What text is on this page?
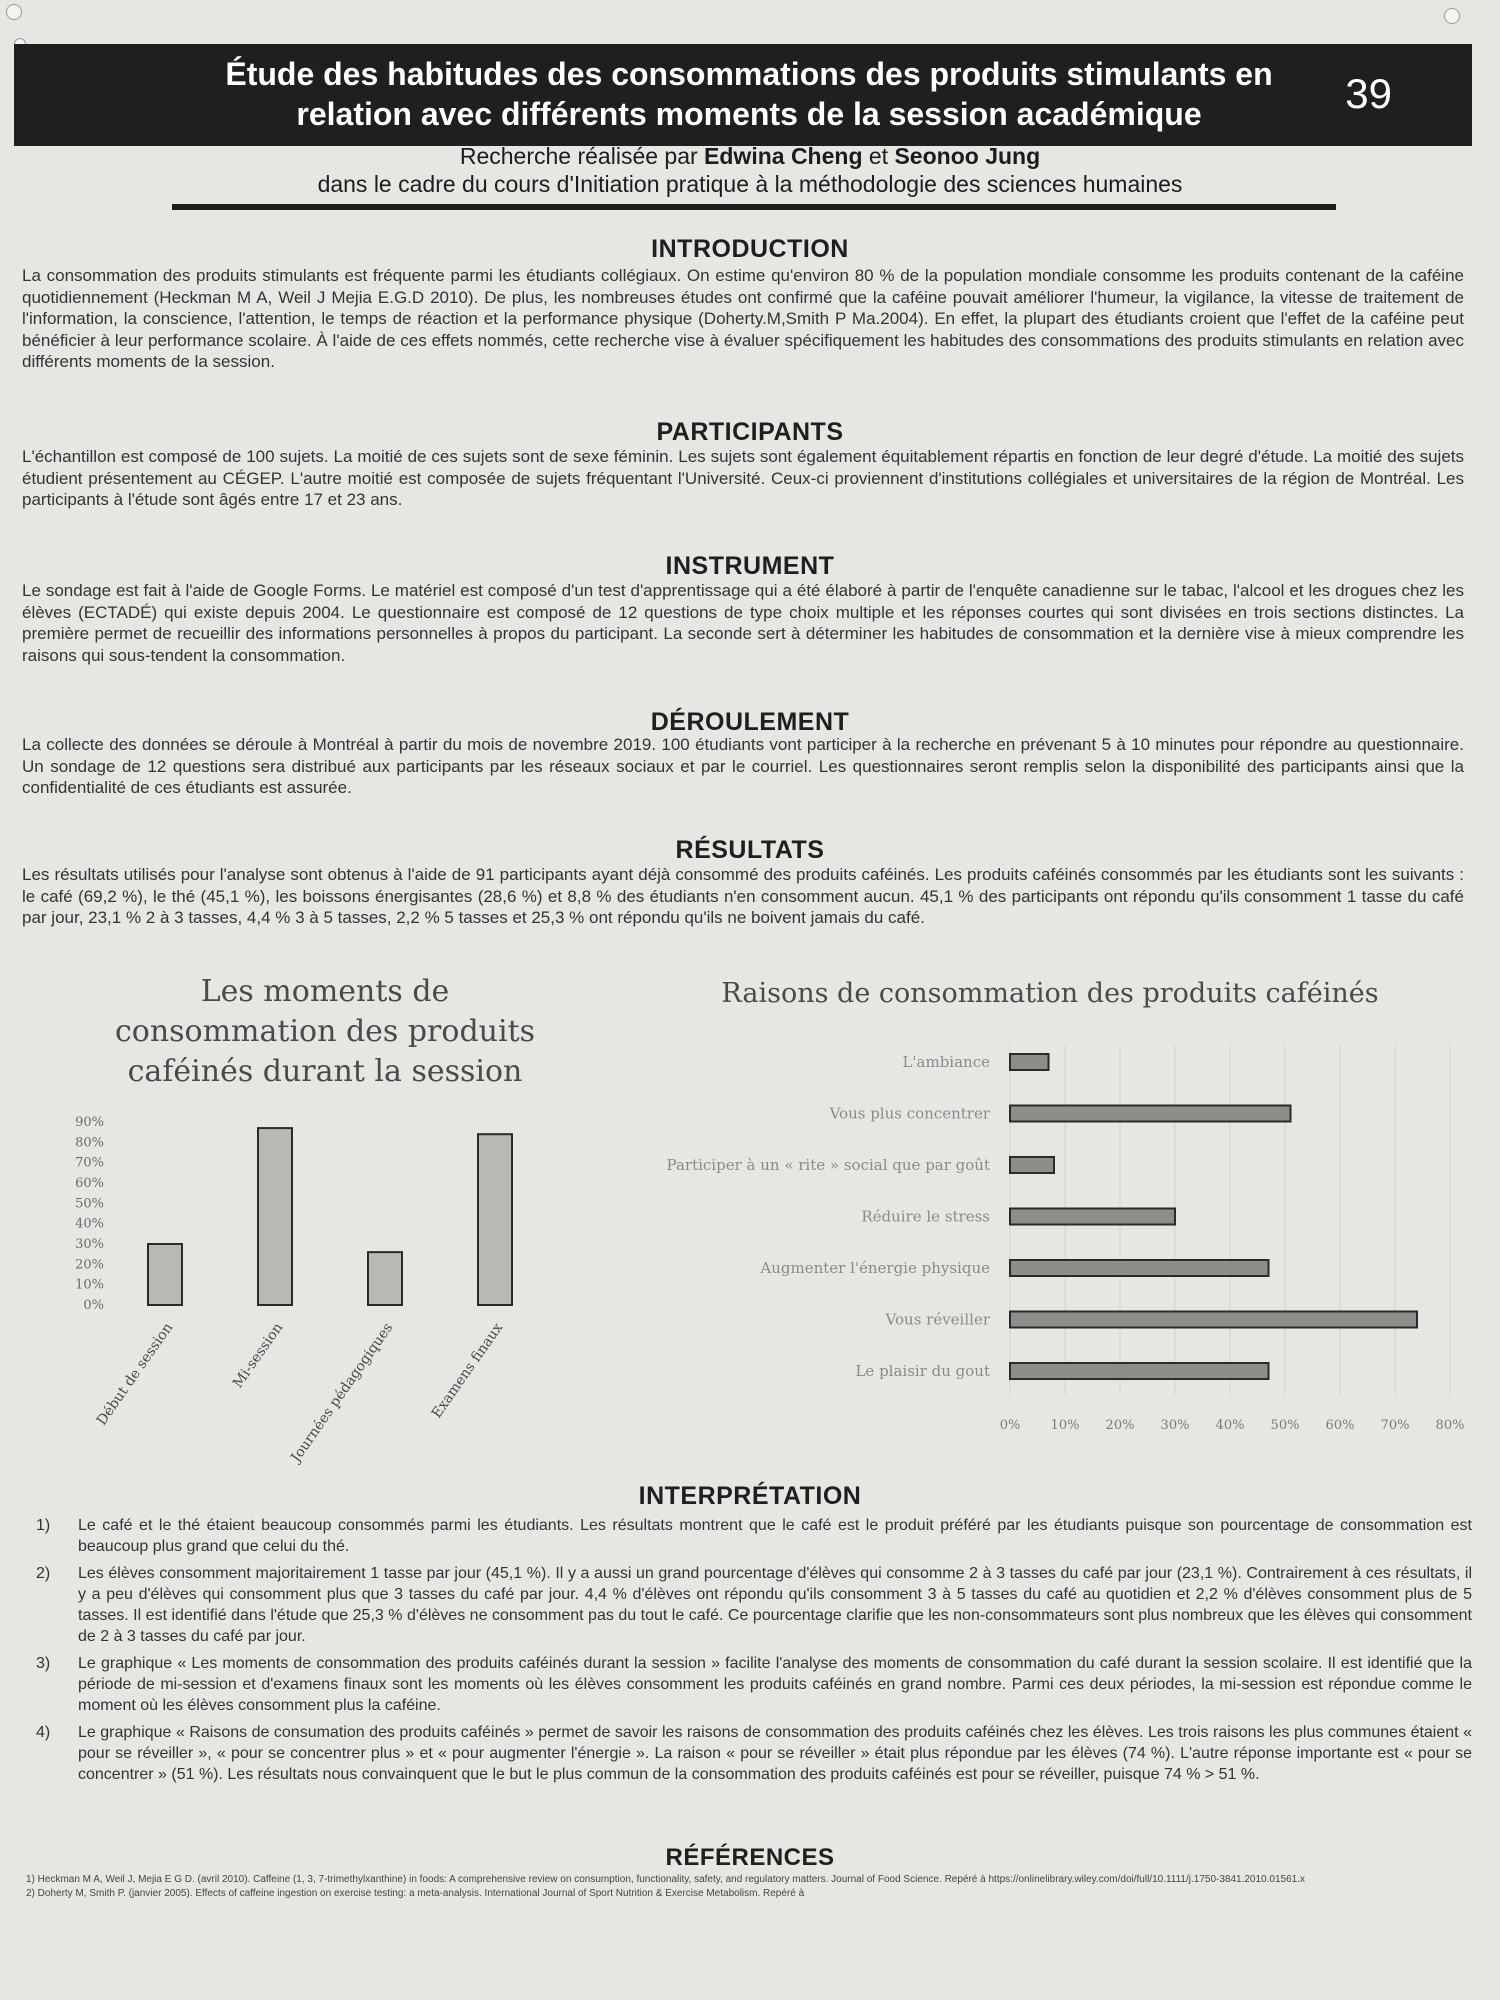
Étude des habitudes des consommations des produits stimulants en
relation avec différents moments de la session académique	39
Recherche réalisée par Edwina Cheng et Seonoo Jung
dans le cadre du cours d'Initiation pratique à la méthodologie des sciences humaines
INTRODUCTION

La consommation des produits stimulants est fréquente parmi les étudiants collégiaux. On estime qu'environ 80 % de la population mondiale consomme les produits contenant de la caféine quotidiennement (Heckman M A, Weil J Mejia E.G.D 2010). De plus, les nombreuses études ont confirmé que la caféine pouvait améliorer l'humeur, la vigilance, la vitesse de traitement de l'information, la conscience, l'attention, le temps de réaction et la performance physique (Doherty.M,Smith P Ma.2004). En effet, la plupart des étudiants croient que l'effet de la caféine peut bénéficier à leur performance scolaire. À l'aide de ces effets nommés, cette recherche vise à évaluer spécifiquement les habitudes des consommations des produits stimulants en relation avec différents moments de la session.

PARTICIPANTS

L'échantillon est composé de 100 sujets. La moitié de ces sujets sont de sexe féminin. Les sujets sont également équitablement répartis en fonction de leur degré d'étude. La moitié des sujets étudient présentement au CÉGEP. L'autre moitié est composée de sujets fréquentant l'Université. Ceux-ci proviennent d'institutions collégiales et universitaires de la région de Montréal. Les participants à l'étude sont âgés entre 17 et 23 ans.

INSTRUMENT

Le sondage est fait à l'aide de Google Forms. Le matériel est composé d'un test d'apprentissage qui a été élaboré à partir de l'enquête canadienne sur le tabac, l'alcool et les drogues chez les élèves (ECTADÉ) qui existe depuis 2004. Le questionnaire est composé de 12 questions de type choix multiple et les réponses courtes qui sont divisées en trois sections distinctes. La première permet de recueillir des informations personnelles à propos du participant. La seconde sert à déterminer les habitudes de consommation et la dernière vise à mieux comprendre les raisons qui sous-tendent la consommation.

DÉROULEMENT

La collecte des données se déroule à Montréal à partir du mois de novembre 2019. 100 étudiants vont participer à la recherche en prévenant 5 à 10 minutes pour répondre au questionnaire. Un sondage de 12 questions sera distribué aux participants par les réseaux sociaux et par le courriel. Les questionnaires seront remplis selon la disponibilité des participants ainsi que la confidentialité de ces étudiants est assurée.

RÉSULTATS

Les résultats utilisés pour l'analyse sont obtenus à l'aide de 91 participants ayant déjà consommé des produits caféinés. Les produits caféinés consommés par les étudiants sont les suivants : le café (69,2 %), le thé (45,1 %), les boissons énergisantes (28,6 %) et 8,8 % des étudiants n'en consomment aucun. 45,1 % des participants ont répondu qu'ils consomment 1 tasse du café par jour, 23,1 % 2 à 3 tasses, 4,4 % 3 à 5 tasses, 2,2 % 5 tasses et 25,3 % ont répondu qu'ils ne boivent jamais du café.

Les moments de consommation des produits caféinés durant la session
0%
10%
20%
30%
40%
50%
60%
70%
80%
90%
Début de session	Mi-session Journées pédagogiques Examens finaux
Raisons de consommation des produits caféinés
0% 10% 20% 30% 40% 50% 60% 70% 80%
L'ambiance
Vous plus concentrer
Participer à un « rite » social que par goût
Réduire le stress
Augmenter l'énergie physique
Vous réveiller
Le plaisir du gout
INTERPRÉTATION
1) Le café et le thé étaient beaucoup consommés parmi les étudiants. Les résultats montrent que le café est le produit préféré par les étudiants puisque son pourcentage de consommation est beaucoup plus grand que celui du thé.
2) Les élèves consomment majoritairement 1 tasse par jour (45,1 %). Il y a aussi un grand pourcentage d'élèves qui consomme 2 à 3 tasses du café par jour (23,1 %). Contrairement à ces résultats, il y a peu d'élèves qui consomment plus que 3 tasses du café par jour. 4,4 % d'élèves ont répondu qu'ils consomment 3 à 5 tasses du café au quotidien et 2,2 % d'élèves consomment plus de 5 tasses. Il est identifié dans l'étude que 25,3 % d'élèves ne consomment pas du tout le café. Ce pourcentage clarifie que les non-consommateurs sont plus nombreux que les élèves qui consomment de 2 à 3 tasses du café par jour.
3) Le graphique « Les moments de consommation des produits caféinés durant la session » facilite l'analyse des moments de consommation du café durant la session scolaire. Il est identifié que la période de mi-session et d'examens finaux sont les moments où les élèves consomment les produits caféinés en grand nombre. Parmi ces deux périodes, la mi-session est répondue comme le moment où les élèves consomment plus la caféine.
4) Le graphique « Raisons de consumation des produits caféinés » permet de savoir les raisons de consommation des produits caféinés chez les élèves. Les trois raisons les plus communes étaient « pour se réveiller », « pour se concentrer plus » et « pour augmenter l'énergie ». La raison « pour se réveiller » était plus répondue par les élèves (74 %). L'autre réponse importante est « pour se concentrer » (51 %). Les résultats nous convainquent que le but le plus commun de la consommation des produits caféinés est pour se réveiller, puisque 74 % > 51 %.
RÉFÉRENCES

1) Heckman M A, Weil J, Mejia E G D. (avril 2010). Caffeine (1, 3, 7-trimethylxanthine) in foods: A comprehensive review on consumption, functionality, safety, and regulatory matters. Journal of Food Science. Repéré à https://onlinelibrary.wiley.com/doi/full/10.1111/j.1750-3841.2010.01561.x

2) Doherty M, Smith P. (janvier 2005). Effects of caffeine ingestion on exercise testing: a meta-analysis. International Journal of Sport Nutrition & Exercise Metabolism. Repéré à
